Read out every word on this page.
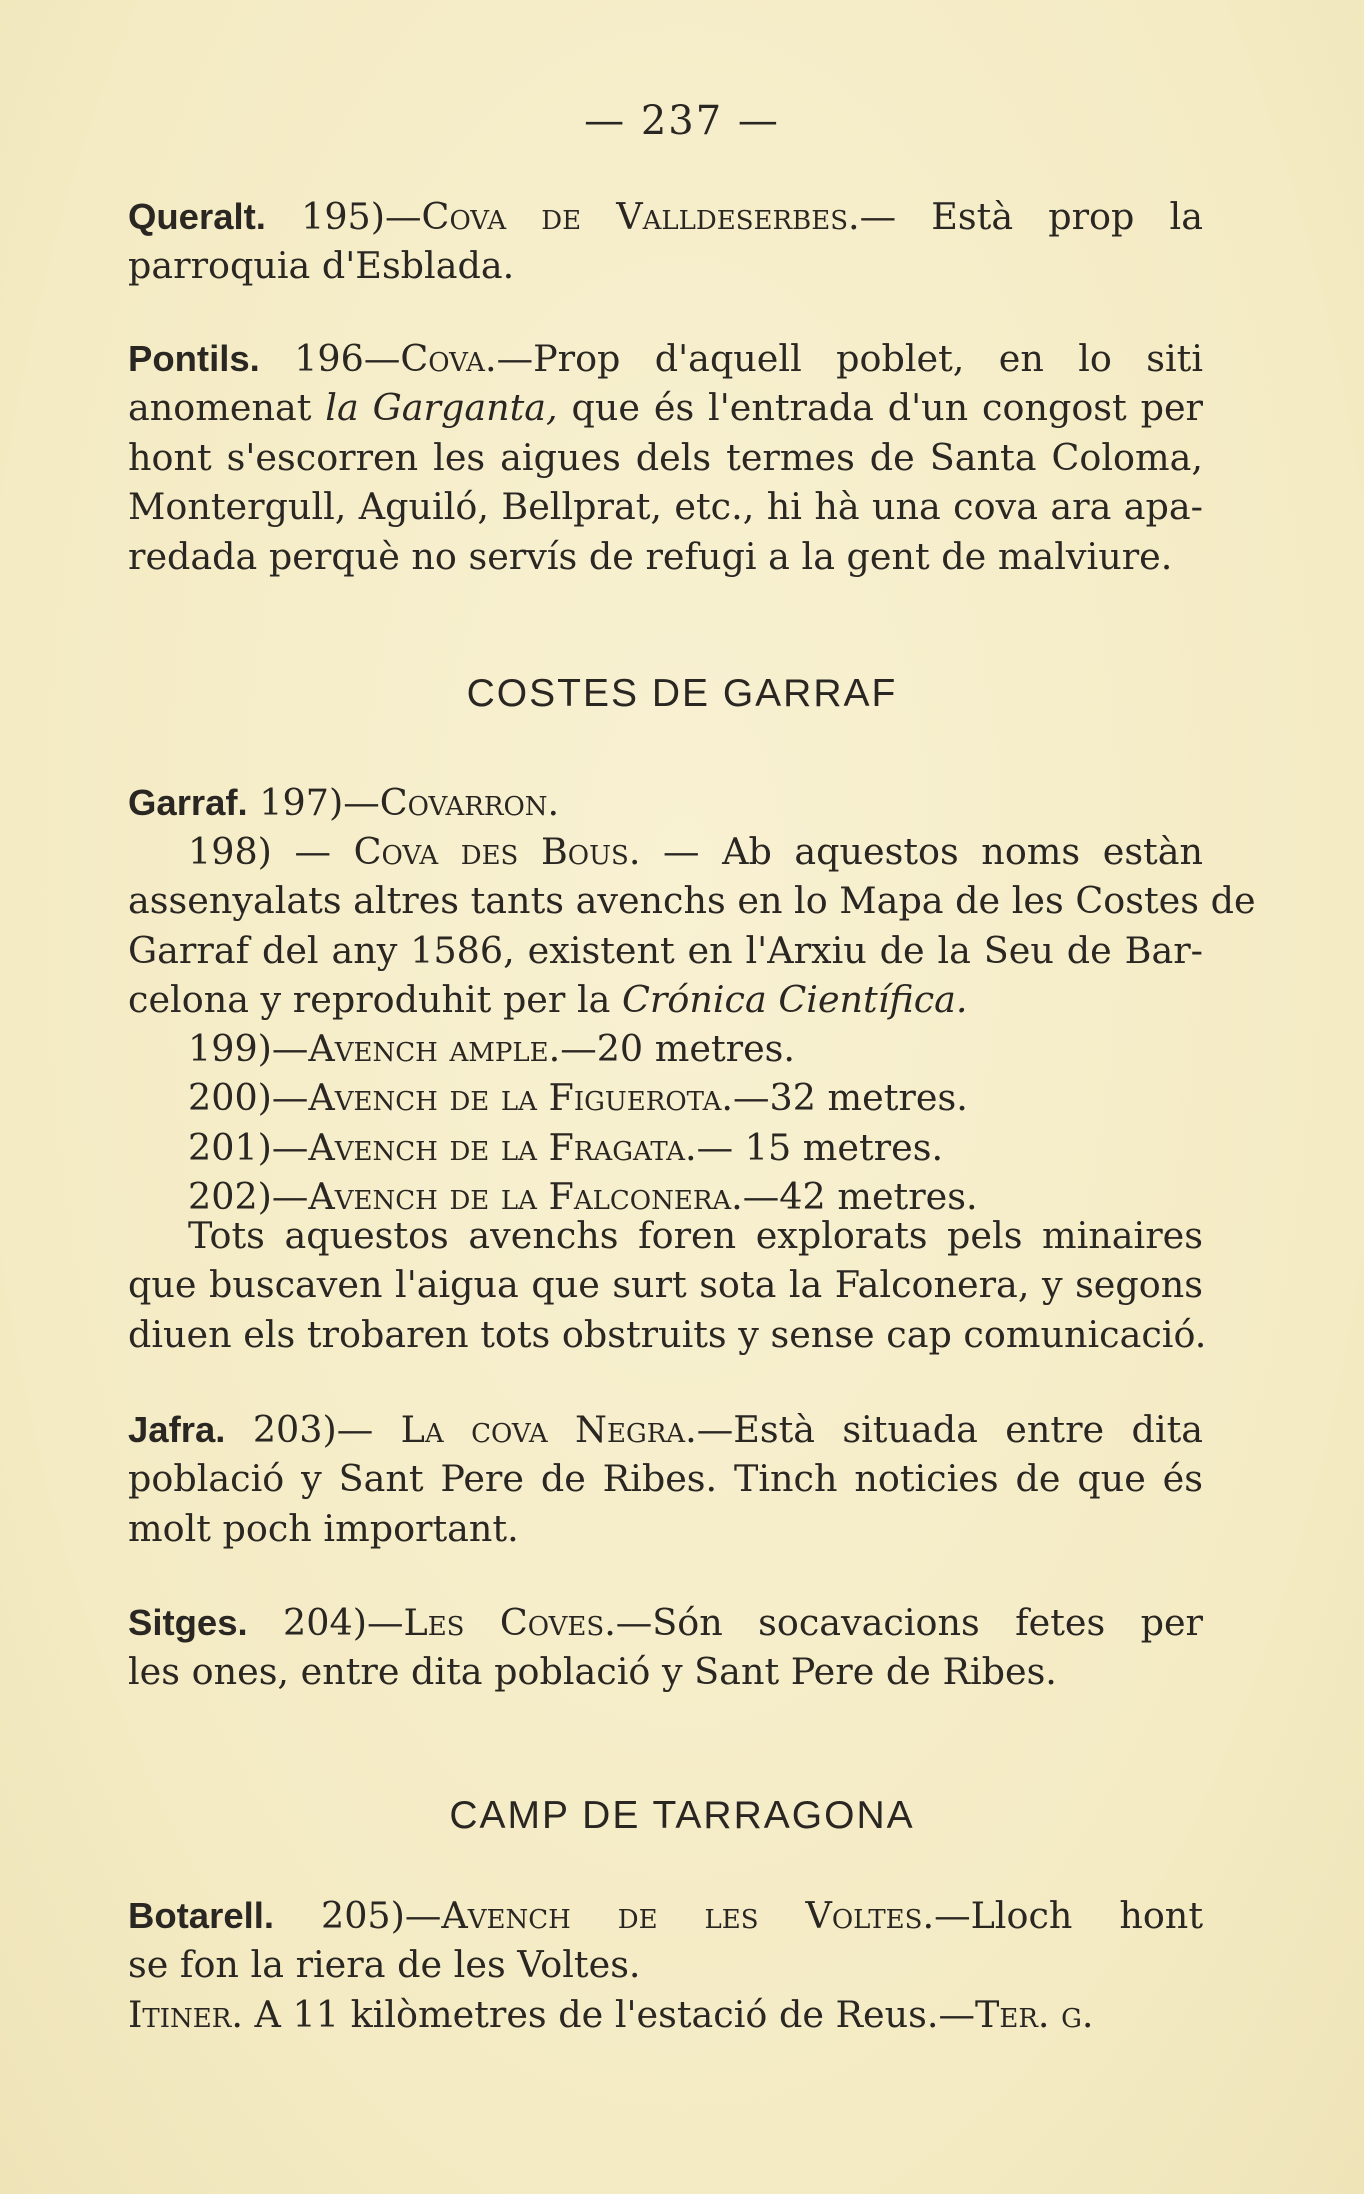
— 237 —
Queralt. 195)—Cova de Valldeserbes.— Està prop la
parroquia d'Esblada.
Pontils. 196—Cova.—Prop d'aquell poblet, en lo siti
anomenat la Garganta, que és l'entrada d'un congost per
hont s'escorren les aigues dels termes de Santa Coloma,
Montergull, Aguiló, Bellprat, etc., hi hà una cova ara apa-
redada perquè no servís de refugi a la gent de malviure.
COSTES DE GARRAF
Garraf. 197)—Covarron.
198) — Cova des Bous. — Ab aquestos noms estàn
assenyalats altres tants avenchs en lo Mapa de les Costes de
Garraf del any 1586, existent en l'Arxiu de la Seu de Bar-
celona y reproduhit per la Crónica Científica.
199)—Avench ample.—20 metres.
200)—Avench de la Figuerota.—32 metres.
201)—Avench de la Fragata.— 15 metres.
202)—Avench de la Falconera.—42 metres.
Tots aquestos avenchs foren explorats pels minaires
que buscaven l'aigua que surt sota la Falconera, y segons
diuen els trobaren tots obstruits y sense cap comunicació.
Jafra. 203)— La cova Negra.—Està situada entre dita
població y Sant Pere de Ribes. Tinch noticies de que és
molt poch important.
Sitges. 204)—Les Coves.—Són socavacions fetes per
les ones, entre dita població y Sant Pere de Ribes.
CAMP DE TARRAGONA
Botarell. 205)—Avench de les Voltes.—Lloch hont
se fon la riera de les Voltes.
Itiner. A 11 kilòmetres de l'estació de Reus.—Ter. g.
